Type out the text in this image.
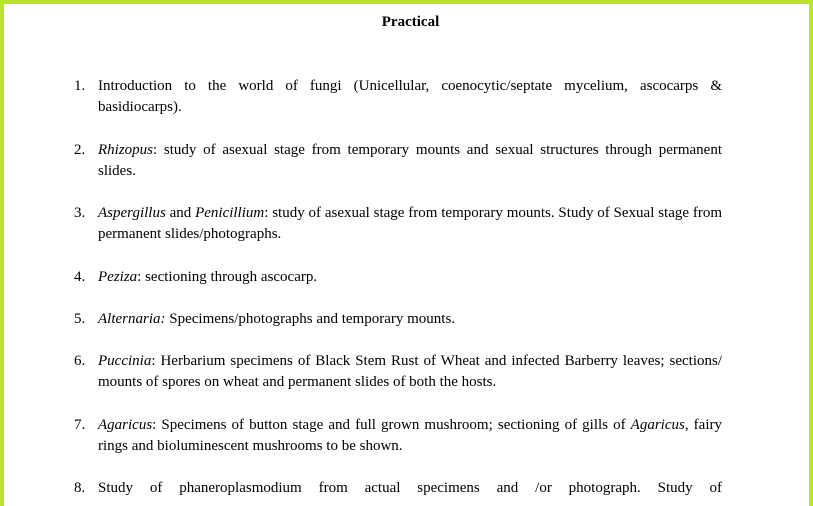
Practical
1. Introduction to the world of fungi (Unicellular, coenocytic/septate mycelium, ascocarps & basidiocarps).
2. Rhizopus: study of asexual stage from temporary mounts and sexual structures through permanent slides.
3. Aspergillus and Penicillium: study of asexual stage from temporary mounts. Study of Sexual stage from permanent slides/photographs.
4. Peziza: sectioning through ascocarp.
5. Alternaria: Specimens/photographs and temporary mounts.
6. Puccinia: Herbarium specimens of Black Stem Rust of Wheat and infected Barberry leaves; sections/ mounts of spores on wheat and permanent slides of both the hosts.
7. Agaricus: Specimens of button stage and full grown mushroom; sectioning of gills of Agaricus, fairy rings and bioluminescent mushrooms to be shown.
8. Study of phaneroplasmodium from actual specimens and /or photograph. Study of
